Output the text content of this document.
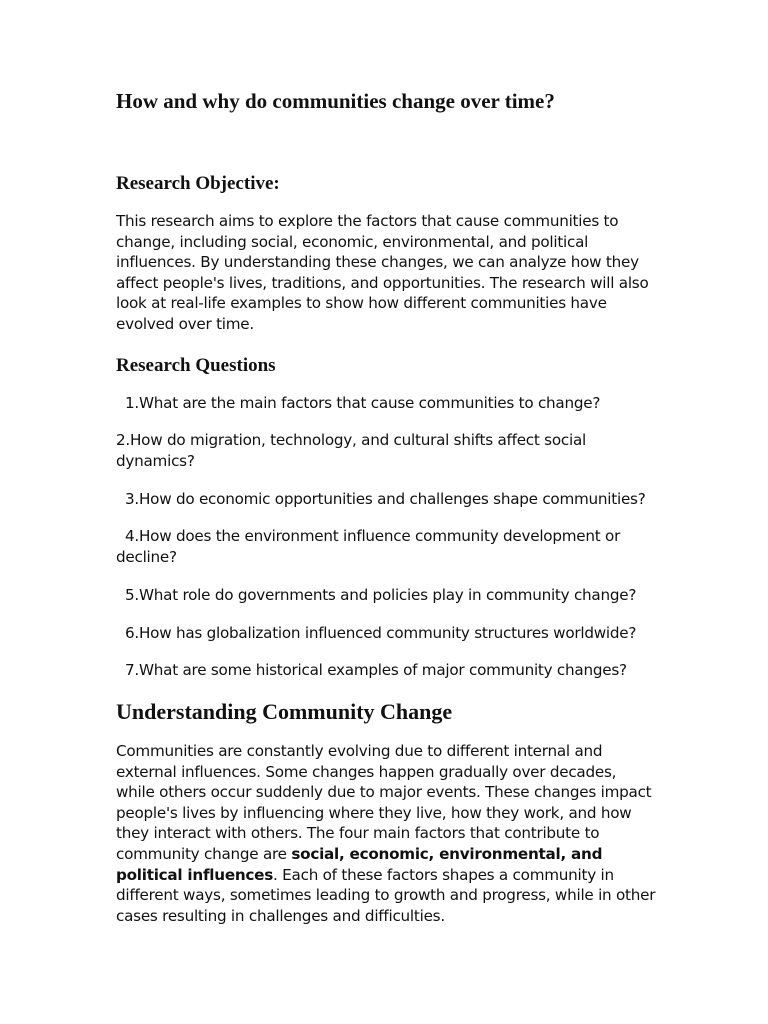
How and why do communities change over time?
Research Objective:

This research aims to explore the factors that cause communities to change, including social, economic, environmental, and political influences. By understanding these changes, we can analyze how they affect people's lives, traditions, and opportunities. The research will also look at real-life examples to show how different communities have evolved over time.

Research Questions

1.What are the main factors that cause communities to change?

2.How do migration, technology, and cultural shifts affect social dynamics?

3.How do economic opportunities and challenges shape communities?

4.How does the environment influence community development or decline?

5.What role do governments and policies play in community change?

6.How has globalization influenced community structures worldwide?

7.What are some historical examples of major community changes?

Understanding Community Change

Communities are constantly evolving due to different internal and external influences. Some changes happen gradually over decades, while others occur suddenly due to major events. These changes impact people's lives by influencing where they live, how they work, and how they interact with others. The four main factors that contribute to community change are social, economic, environmental, and political influences. Each of these factors shapes a community in different ways, sometimes leading to growth and progress, while in other cases resulting in challenges and difficulties.
